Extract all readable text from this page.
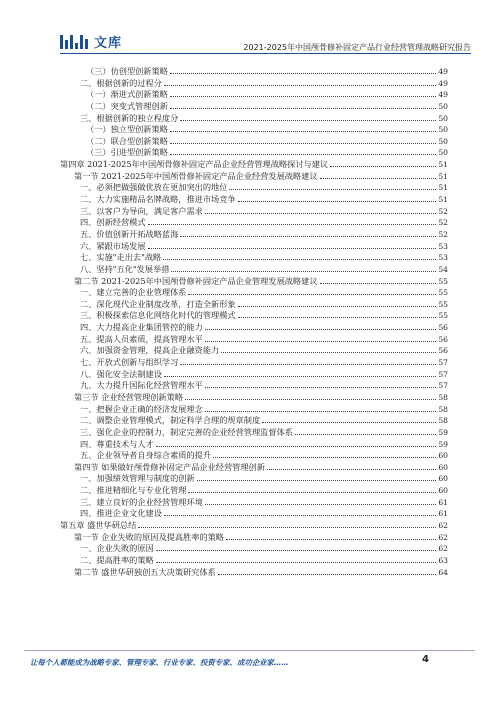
文库	2021-2025年中国颅骨修补固定产品行业经营管理战略研究报告
（三）仿创型创新策略	49
二、根据创新的过程分	49
（一）渐进式创新策略	49
（二）突变式管理创新	50
三、根据创新的独立程度分	50
（一）独立型创新策略	50
（二）联合型创新策略	50
（三）引进型创新策略	50
第四章 2021-2025年中国颅骨修补固定产品企业经营管理战略探讨与建议	51
第一节 2021-2025年中国颅骨修补固定产品企业经营发展战略建议	51
一、必须把做强做优放在更加突出的地位	51
二、大力实施精品名牌战略，推进市场竞争	51
三、以客户为导向，满足客户需求	52
四、创新经营模式	52
五、价值创新开拓战略蓝海	52
六、紧跟市场发展	53
七、实施"走出去"战略	53
八、坚持"五化"发展举措	54
第二节 2021-2025年中国颅骨修补固定产品企业管理发展战略建议	55
一、建立完善的企业管理体系	55
二、深化现代企业制度改革，打造全新形象	55
三、积极探索信息化网络化时代的管理模式	55
四、大力提高企业集团管控的能力	56
五、提高人员素质，提高管理水平	56
六、加强资金管理，提高企业融资能力	56
七、开放式创新与组织学习	57
八、强化安全法制建设	57
九、大力提升国际化经营管理水平	57
第三节 企业经营管理创新策略	58
一、把握企业正确的经济发展理念	58
二、调整企业管理模式，制定科学合理的规章制度	58
三、强化企业的控制力，制定完善的企业经营管理监督体系	59
四、尊重技术与人才	59
五、企业领导者自身综合素质的提升	60
第四节 如果做好颅骨修补固定产品企业经营管理创新	60
一、加强绩效管理与制度的创新	60
二、推进精细化与专业化管理	60
三、建立良好的企业经营管理环境	61
四、推进企业文化建设	61
第五章 盛世华研总结	62
第一节 企业失败的原因及提高胜率的策略	62
一、企业失败的原因	62
二、提高胜率的策略	63
第二节 盛世华研独创五大决策研究体系	64
让每个人都能成为战略专家、管理专家、行业专家、投资专家、成功企业家……	4
